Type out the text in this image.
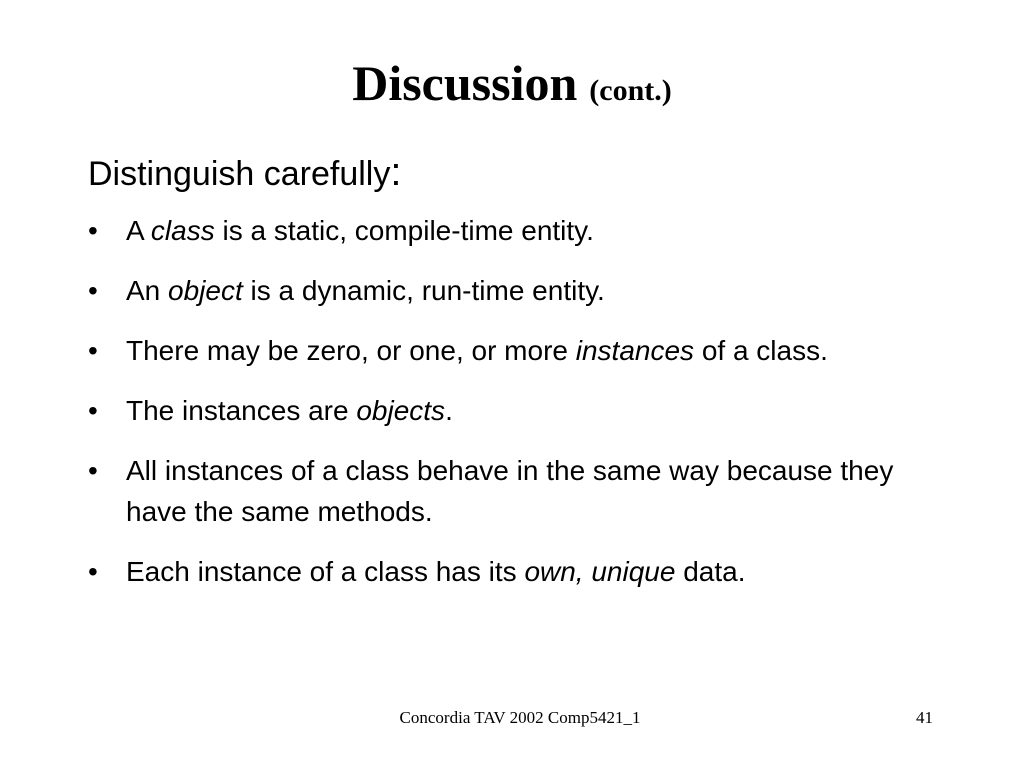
Discussion (cont.)
Distinguish carefully:
• A class is a static, compile-time entity.
• An object is a dynamic, run-time entity.
• There may be zero, or one, or more instances of a class.
• The instances are objects.
• All instances of a class behave in the same way because they have the same methods.
• Each instance of a class has its own, unique data.
Concordia TAV 2002 Comp5421_1	41
